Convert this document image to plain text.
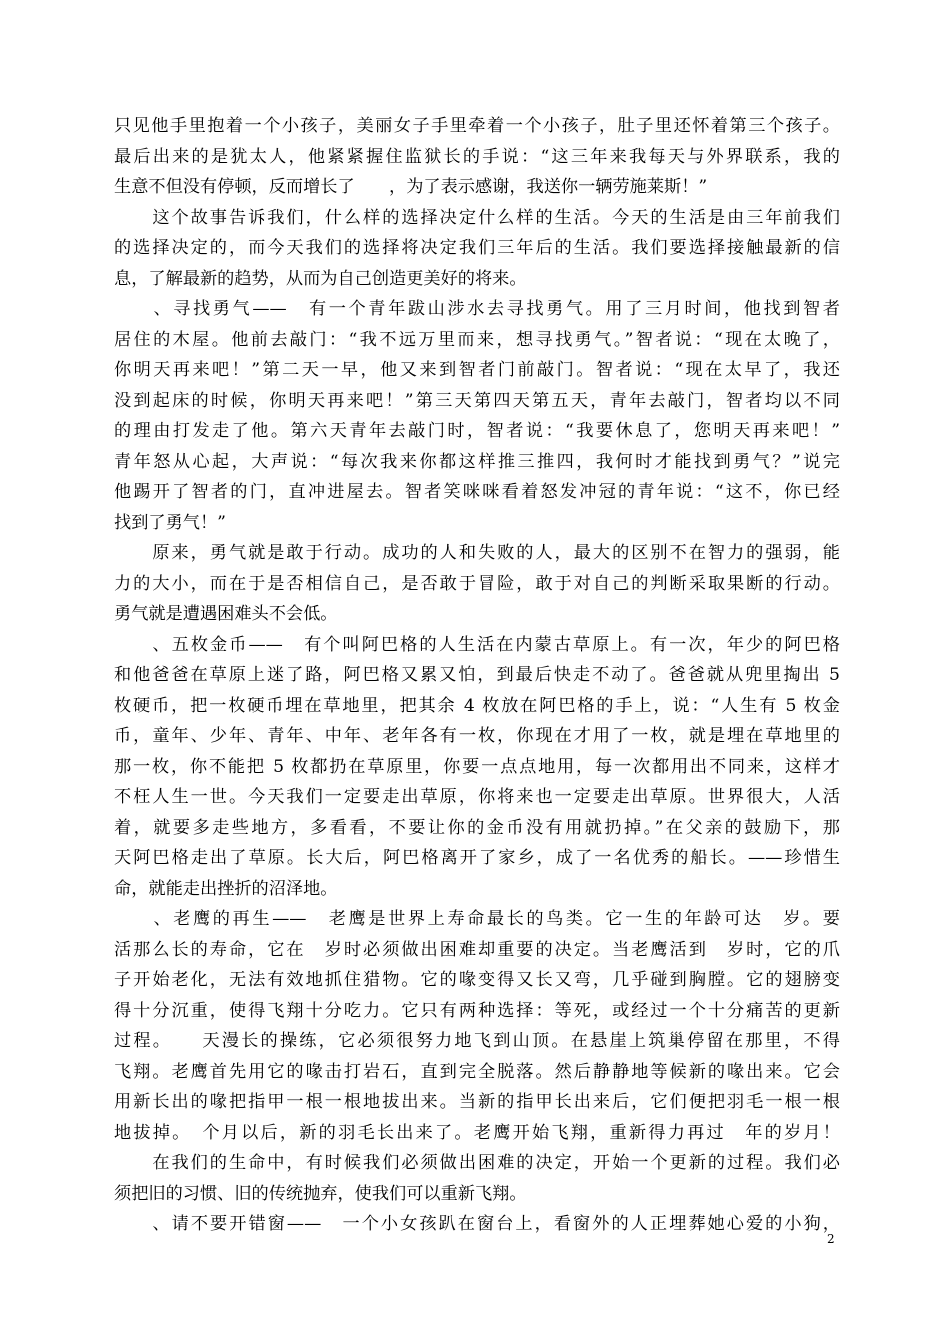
只见他手里抱着一个小孩子，美丽女子手里牵着一个小孩子，肚子里还怀着第三个孩子。
最后出来的是犹太人，他紧紧握住监狱长的手说：“这三年来我每天与外界联系，我的
生意不但没有停顿，反而增长了　　，为了表示感谢，我送你一辆劳施莱斯！”
　　这个故事告诉我们，什么样的选择决定什么样的生活。今天的生活是由三年前我们
的选择决定的，而今天我们的选择将决定我们三年后的生活。我们要选择接触最新的信
息，了解最新的趋势，从而为自己创造更美好的将来。
　　、寻找勇气——　有一个青年跋山涉水去寻找勇气。用了三月时间，他找到智者
居住的木屋。他前去敲门：“我不远万里而来，想寻找勇气。”智者说：“现在太晚了，
你明天再来吧！”第二天一早，他又来到智者门前敲门。智者说：“现在太早了，我还
没到起床的时候，你明天再来吧！”第三天第四天第五天，青年去敲门，智者均以不同
的理由打发走了他。第六天青年去敲门时，智者说：“我要休息了，您明天再来吧！”
青年怒从心起，大声说：“每次我来你都这样推三推四，我何时才能找到勇气？”说完
他踢开了智者的门，直冲进屋去。智者笑咪咪看着怒发冲冠的青年说：“这不，你已经
找到了勇气！”
　　原来，勇气就是敢于行动。成功的人和失败的人，最大的区别不在智力的强弱，能
力的大小，而在于是否相信自己，是否敢于冒险，敢于对自己的判断采取果断的行动。
勇气就是遭遇困难头不会低。
　　、五枚金币——　有个叫阿巴格的人生活在内蒙古草原上。有一次，年少的阿巴格
和他爸爸在草原上迷了路，阿巴格又累又怕，到最后快走不动了。爸爸就从兜里掏出 5
枚硬币，把一枚硬币埋在草地里，把其余 4 枚放在阿巴格的手上，说：“人生有 5 枚金
币，童年、少年、青年、中年、老年各有一枚，你现在才用了一枚，就是埋在草地里的
那一枚，你不能把 5 枚都扔在草原里，你要一点点地用，每一次都用出不同来，这样才
不枉人生一世。今天我们一定要走出草原，你将来也一定要走出草原。世界很大，人活
着，就要多走些地方，多看看，不要让你的金币没有用就扔掉。”在父亲的鼓励下，那
天阿巴格走出了草原。长大后，阿巴格离开了家乡，成了一名优秀的船长。——珍惜生
命，就能走出挫折的沼泽地。
　　、老鹰的再生——　老鹰是世界上寿命最长的鸟类。它一生的年龄可达　岁。要
活那么长的寿命，它在　岁时必须做出困难却重要的决定。当老鹰活到　岁时，它的爪
子开始老化，无法有效地抓住猎物。它的喙变得又长又弯，几乎碰到胸膛。它的翅膀变
得十分沉重，使得飞翔十分吃力。它只有两种选择：等死，或经过一个十分痛苦的更新
过程。　　天漫长的操练，它必须很努力地飞到山顶。在悬崖上筑巢停留在那里，不得
飞翔。老鹰首先用它的喙击打岩石，直到完全脱落。然后静静地等候新的喙出来。它会
用新长出的喙把指甲一根一根地拔出来。当新的指甲长出来后，它们便把羽毛一根一根
地拔掉。　个月以后，新的羽毛长出来了。老鹰开始飞翔，重新得力再过　年的岁月！
　　在我们的生命中，有时候我们必须做出困难的决定，开始一个更新的过程。我们必
须把旧的习惯、旧的传统抛弃，使我们可以重新飞翔。
　　、请不要开错窗——　一个小女孩趴在窗台上，看窗外的人正埋葬她心爱的小狗，
2
